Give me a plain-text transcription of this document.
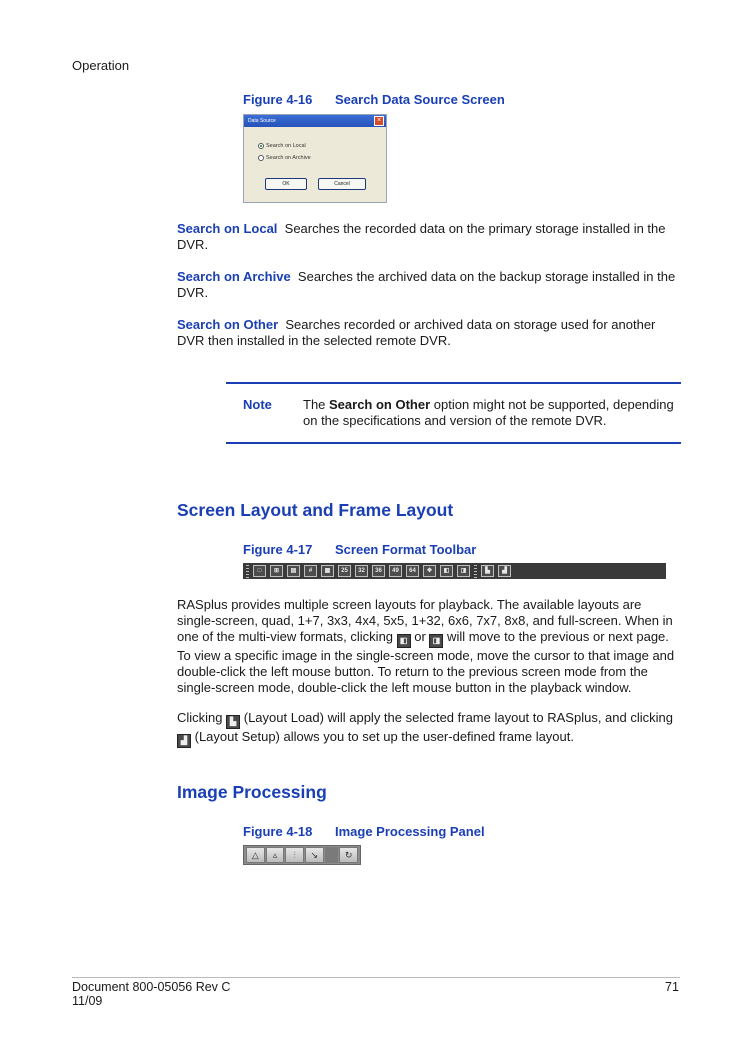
Operation
Figure 4-16 Search Data Source Screen
Data Source	×
Search on Local
Search on Archive
OK	Cancel
Search on Local Searches the recorded data on the primary storage installed in the DVR.
Search on Archive Searches the archived data on the backup storage installed in the DVR.
Search on Other Searches recorded or archived data on storage used for another DVR then installed in the selected remote DVR.
Note The Search on Other option might not be supported, depending on the specifications and version of the remote DVR.
Screen Layout and Frame Layout
Figure 4-17 Screen Format Toolbar
□	⊞	▤	#	▦	25	32	36	49	64	✥	◧	◨	▙	▟
RASplus provides multiple screen layouts for playback. The available layouts are single-screen, quad, 1+7, 3x3, 4x4, 5x5, 1+32, 6x6, 7x7, 8x8, and full-screen. When in one of the multi-view formats, clicking ◧ or ◨ will move to the previous or next page. To view a specific image in the single-screen mode, move the cursor to that image and double-click the left mouse button. To return to the previous screen mode from the single-screen mode, double-click the left mouse button in the playback window.
Clicking ▙ (Layout Load) will apply the selected frame layout to RASplus, and clicking ▟ (Layout Setup) allows you to set up the user-defined frame layout.
Image Processing
Figure 4-18 Image Processing Panel
△	▵	⫶	↘	↻
Document 800-05056 Rev C
11/09
71
